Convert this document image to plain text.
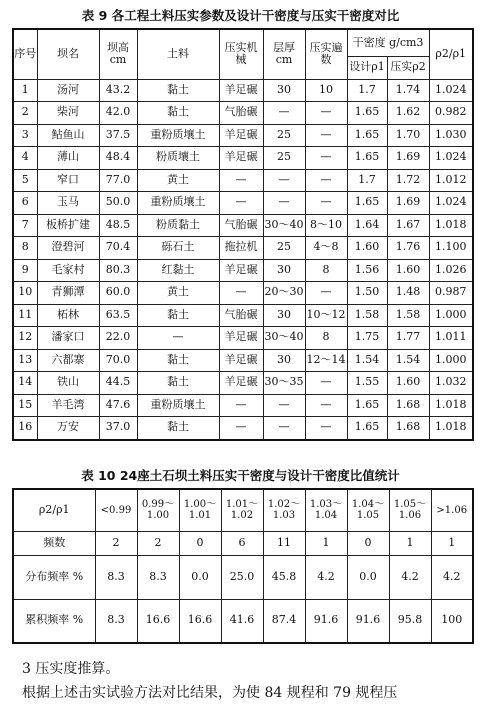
表 9 各工程土料压实参数及设计干密度与压实干密度对比
序号	坝名	坝高 cm	土料	压实机械	层厚 cm	压实遍数	干密度 g/cm3		ρ2/ρ1
							设计ρ1	压实ρ2	
1	汤河	43.2	黏土	羊足碾	30	10	1.7	1.74	1.024
2	柴河	42.0	黏土	气胎碾	—	—	1.65	1.62	0.982
3	鲇鱼山	37.5	重粉质壤土	羊足碾	25	—	1.65	1.70	1.030
4	薄山	48.4	粉质壤土	羊足碾	25	—	1.65	1.69	1.024
5	窄口	77.0	黄土	—	—	—	1.7	1.72	1.012
6	玉马	50.0	重粉质壤土	—	—	—	1.65	1.69	1.024
7	板桥扩建	48.5	粉质黏土	气胎碾	30～40	8～10	1.64	1.67	1.018
8	澄碧河	70.4	砾石土	拖拉机	25	4～8	1.60	1.76	1.100
9	毛家村	80.3	红黏土	羊足碾	30	8	1.56	1.60	1.026
10	青狮潭	60.0	黄土	—	20～30	—	1.50	1.48	0.987
11	柘林	63.5	黏土	气胎碾	30	10～12	1.58	1.58	1.000
12	潘家口	22.0	—	羊足碾	30～40	8	1.75	1.77	1.011
13	六都寨	70.0	黏土	羊足碾	30	12～14	1.54	1.54	1.000
14	铁山	44.5	黏土	羊足碾	30～35	—	1.55	1.60	1.032
15	羊毛湾	47.6	重粉质壤土	—	—	—	1.65	1.68	1.018
16	万安	37.0	黏土	—	—	—	1.65	1.68	1.018
表 10 24座土石坝土料压实干密度与设计干密度比值统计
ρ2/ρ1	<0.99	0.99～1.00	1.00～1.01	1.01～1.02	1.02～1.03	1.03～1.04	1.04～1.05	1.05～1.06	>1.06
频数	2	2	0	6	11	1	0	1	1
分布频率 %	8.3	8.3	0.0	25.0	45.8	4.2	0.0	4.2	4.2
累积频率 %	8.3	16.6	16.6	41.6	87.4	91.6	91.6	95.8	100
3 压实度推算。
根据上述击实试验方法对比结果，为使 84 规程和 79 规程压
